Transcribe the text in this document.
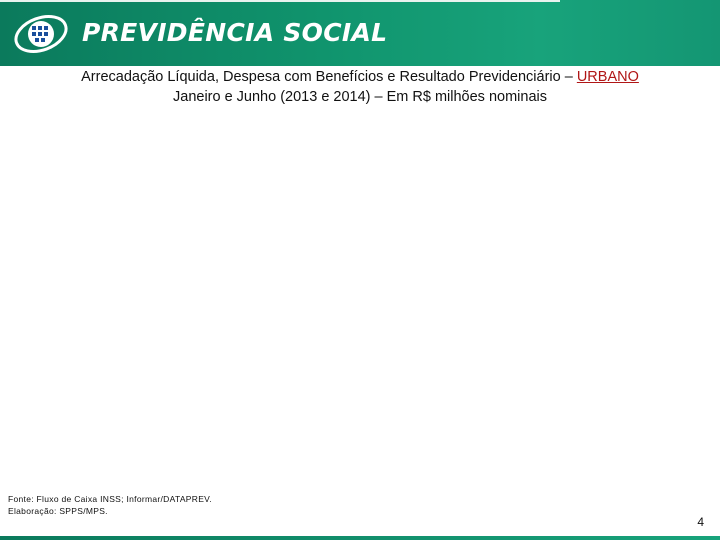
PREVIDÊNCIA SOCIAL
Arrecadação Líquida, Despesa com Benefícios e Resultado Previdenciário – URBANO
Janeiro e Junho (2013 e 2014) – Em R$ milhões nominais
Fonte: Fluxo de Caixa INSS; Informar/DATAPREV.
Elaboração: SPPS/MPS.
4
